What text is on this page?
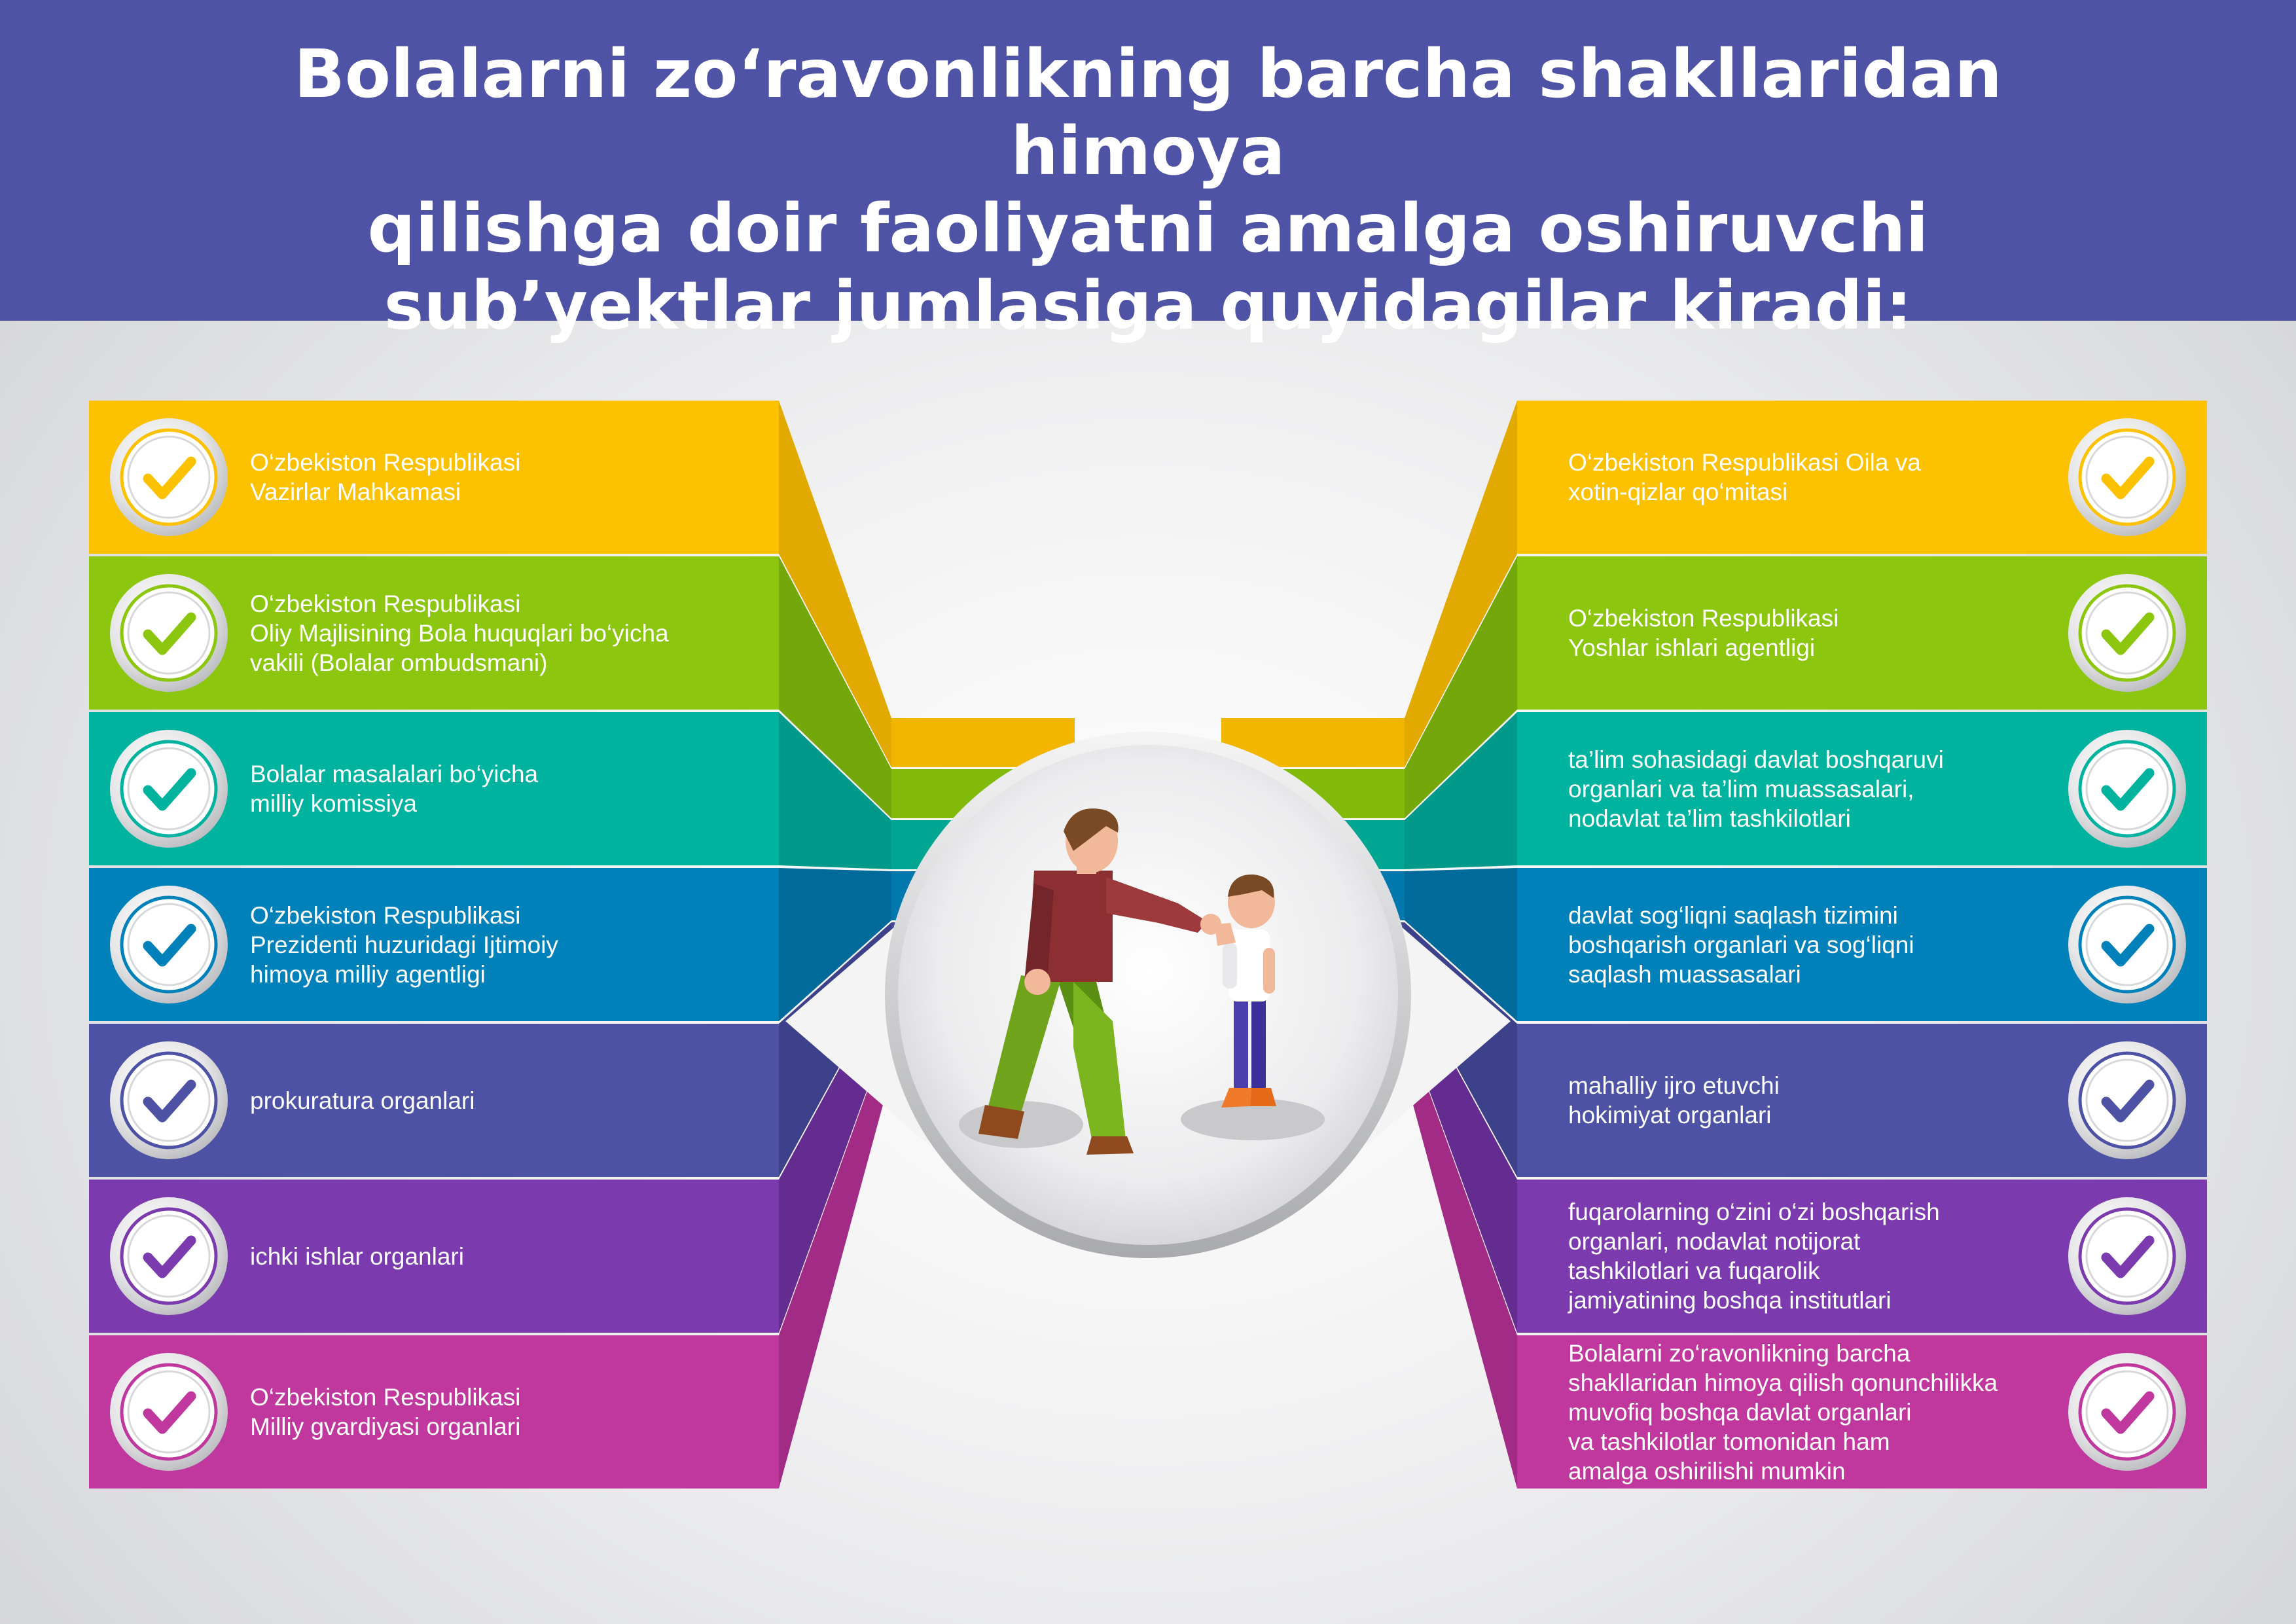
Bolalarni zo‘ravonlikning barcha shakllaridan himoya
qilishga doir faoliyatni amalga oshiruvchi
sub’yektlar jumlasiga quyidagilar kiradi:
O‘zbekiston Respublikasi
Vazirlar Mahkamasi
O‘zbekiston Respublikasi Oila va
xotin-qizlar qo‘mitasi
O‘zbekiston Respublikasi
Oliy Majlisining Bola huquqlari bo‘yicha
vakili (Bolalar ombudsmani)
O‘zbekiston Respublikasi
Yoshlar ishlari agentligi
Bolalar masalalari bo‘yicha
milliy komissiya
ta’lim sohasidagi davlat boshqaruvi
organlari va ta’lim muassasalari,
nodavlat ta’lim tashkilotlari
O‘zbekiston Respublikasi
Prezidenti huzuridagi Ijtimoiy
himoya milliy agentligi
davlat sog‘liqni saqlash tizimini
boshqarish organlari va sog‘liqni
saqlash muassasalari
prokuratura organlari
mahalliy ijro etuvchi
hokimiyat organlari
ichki ishlar organlari
fuqarolarning o‘zini o‘zi boshqarish
organlari, nodavlat notijorat
tashkilotlari va fuqarolik
jamiyatining boshqa institutlari
O‘zbekiston Respublikasi
Milliy gvardiyasi organlari
Bolalarni zo‘ravonlikning barcha
shakllaridan himoya qilish qonunchilikka
muvofiq boshqa davlat organlari
va tashkilotlar tomonidan ham
amalga oshirilishi mumkin
